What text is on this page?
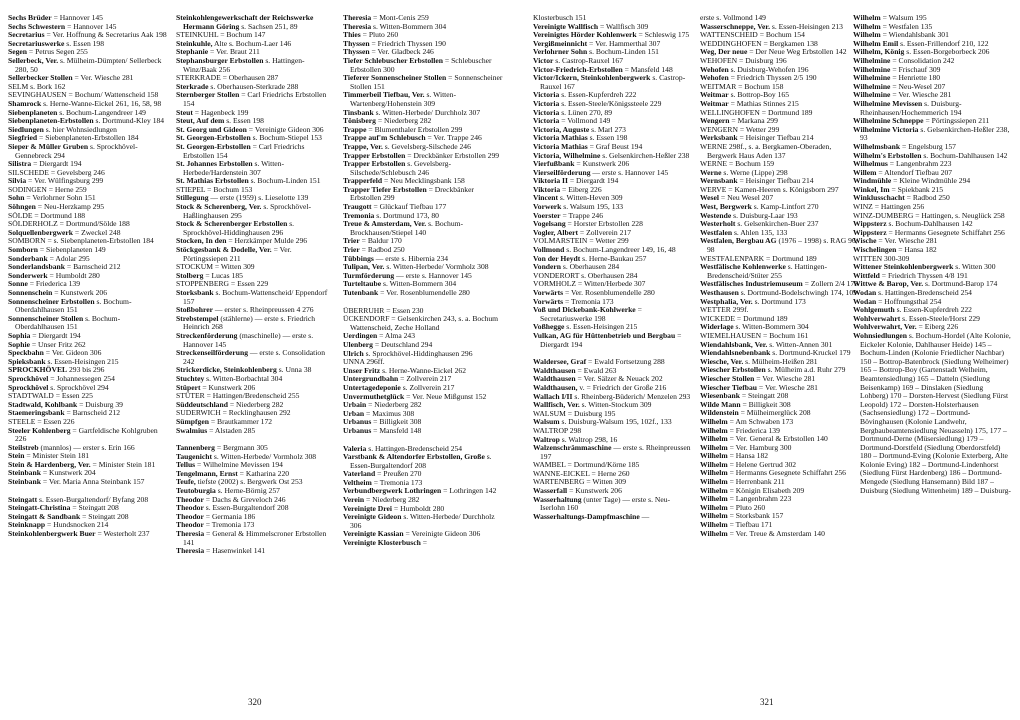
Sechs Brüder = Hannover 145

Sechs Schwestern = Hannover 145

Secretarius = Ver. Hoffnung & Secretarius Aak 198

Secretariuswerke s. Essen 198

Segen = Petrus Segen 255

Sellerbeck, Ver. s. Mülheim-Dümpten/ Sellerbeck 280, 50

Sellerbecker Stollen = Ver. Wiesche 281

SELM s. Bork 162

SEVINGHAUSEN = Bochum/ Wattenscheid 158

Shamrock s. Herne-Wanne-Eickel 261, 16, 58, 98

Siebenplaneten s. Bochum-Langendreer 149

Siebenplaneten-Erbstollen s. Dortmund-Kley 184

Siedlungen s. hier Wohnsiedlungen

Siegfried = Siebenplaneten-Erbstollen 184

Sieper & Müller Gruben s. Sprockhövel-Gennebreck 294

Silistra = Diergardt 194

SILSCHEDE = Gevelsberg 246

Silvia = Ver. Wülfingsburg 299

SODINGEN = Herne 259

Sohn = Verlohrner Sohn 151

Söhngen = Neu-Herzkamp 295

SÖLDE = Dortmund 188

SÖLDERHOLZ = Dortmund/Sölde 188

Solquellenbergwerk = Zweckel 248

SOMBORN = s. Siebenplaneten-Erbstollen 184

Somborn = Siebenplaneten 149

Sonderbank = Adolar 295

Sonderlandsbank = Barnscheid 212

Sonderwerk = Humboldt 280

Sonne = Friederica 139

Sonnenschein = Kunstwerk 206

Sonnenscheiner Erbstollen s. Bochum-Oberdahlhausen 151

Sonnenscheiner Stollen s. Bochum-Oberdahlhausen 151

Sophia = Diergardt 194

Sophie = Unser Fritz 262

Speckbahn = Ver. Gideon 306

Spieksbank s. Essen-Heisingen 215

SPROCKHÖVEL 293 bis 296

Sprockhövel = Johannessegen 254

Sprockhövel s. Sprockhövel 294

STADTWALD = Essen 225

Stadtwald, Kohlbank = Duisburg 39

Staemeringsbank = Barnscheid 212

STEELE = Essen 226

Steeler Kohlenberg = Gartfeldische Kohlgruben 226

Steilstreb (mannlos) — erster s. Erin 166

Stein = Minister Stein 181

Stein & Hardenberg, Ver. = Minister Stein 181

Steinbank = Kunstwerk 204

Steinbank = Ver. Maria Anna Steinbank 157

Steingatt s. Essen-Burgaltendorf/ Byfang 208

Steingatt-Christina = Steingatt 208

Steingatt & Sandbank = Steingatt 208

Steinknapp = Hundsnocken 214

Steinkohlenbergwerk Buer = Westerholt 237

Steinkohlengewerkschaft der Reichswerke Hermann Göring s. Sachsen 251, 89

STEINKUHL = Bochum 147

Steinkuhle, Alte s. Bochum-Laer 146

Stephanie = Ver. Braut 211

Stephansburger Erbstollen s. Hattingen-Winz/Baak 256

STERKRADE = Oberhausen 287

Sterkrade s. Oberhausen-Sterkrade 288

Sternberger Stollen = Carl Friedrichs Erbstollen 154

Steut = Hagenbeck 199

Steut, Auf dem s. Essen 198

St. Georg und Gideon = Vereinigte Gideon 306

St. Georgen-Erbstollen s. Bochum-Stiepel 153

St. Georgen-Erbstollen = Carl Friedrichs Erbstollen 154

St. Johannes Erbstollen s. Witten-Herbede/Hardenstein 307

St. Mathias Erbstollen s. Bochum-Linden 151

STIEPEL = Bochum 153

Stillegung — erste (1959) s. Lieselotte 139

Stock & Scherenberg, Ver. s. Sprockhövel-Haßlinghausen 295

Stock & Scherenberger Erbstollen s. Sprockhövel-Hiddinghausen 296

Stocken, In den = Herzkämper Mulde 296

Stöckgesbank & Dodelle, Ver. = Ver. Pörtingssiepen 211

STOCKUM = Witten 309

Stolberg = Lucas 185

STOPPENBERG = Essen 229

Storksbank s. Bochum-Wattenscheid/ Eppendorf 157

Stoßbohrer — erster s. Rheinpreussen 4 276

Strebstempel (stählerne) — erste s. Friedrich Heinrich 268

Streckenförderung (maschinelle) — erste s. Hannover 145

Streckenseilförderung — erste s. Consolidation 242

Strickerdicke, Steinkohlenberg s. Unna 38

Stuchtey s. Witten-Borbachtal 304

Stüpert = Kunstwerk 206

STÜTER = Hattingen/Bredenscheid 255

Süddeutschland = Niederberg 282

SUDERWICH = Recklinghausen 292

Sümpfgen = Brautkammer 172

Swalmius = Alstaden 285

Tannenberg = Bergmann 305

Taugenicht s. Witten-Herbede/ Vormholz 308

Tellus = Wilhelmine Mevissen 194

Tengelmann, Ernst = Katharina 220

Teufe, tiefste (2002) s. Bergwerk Ost 253

Teutoburgia s. Herne-Börnig 257

Theodor = Dachs & Greveloch 246

Theodor s. Essen-Burgaltendorf 208

Theodor = Germania 186

Theodor = Tremonia 173

Theresia = General & Himmelscroner Erbstollen 141

Theresia = Hasenwinkel 141

Theresia = Mont-Cenis 259

Theresia s. Witten-Bommern 304

Thies = Pluto 260

Thyssen = Friedrich Thyssen 190

Thyssen = Ver. Gladbeck 246

Tiefer Schlebuscher Erbstollen = Schlebuscher Erbstollen 300

Tieferer Sonnenscheiner Stollen = Sonnenscheiner Stollen 151

Timmerbeil Tiefbau, Ver. s. Witten-Wartenberg/Hohenstein 309

Tinsbank s. Witten-Herbede/ Durchholz 307

Tönisberg = Niederberg 282

Trappe = Blumenthaler Erbstollen 299

Trappe auf'm Schlebusch = Ver. Trappe 246

Trappe, Ver. s. Gevelsberg-Silschede 246

Trapper Erbstollen = Dreckbänker Erbstollen 299

Trapper Erbstollen s. Gevelsberg-Silschede/Schlebusch 246

Trapperfeld = Neu Mecklingsbank 158

Trapper Tiefer Erbstollen = Dreckbänker Erbstollen 299

Traugott = Glückauf Tiefbau 177

Tremonia s. Dortmund 173, 80

Treue & Amsterdam, Ver. s. Bochum-Brockhausen/Stiepel 140

Trier = Baldur 170

Trier = Radbod 250

Tübbings — erste s. Hibernia 234

Tulipan, Ver. s. Witten-Herbede/ Vormholz 308

Turmförderung — erste s. Hannover 145

Turteltaube s. Witten-Bommern 304

Tutenbank = Ver. Rosenblumendelle 280

ÜBERRUHR = Essen 230

ÜCKENDORF = Gelsenkirchen 243, s. a. Bochum Wattenscheid, Zeche Holland

Uerdingen = Alma 243

Ulenberg = Deutschland 294

Ulrich s. Sprockhövel-Hiddinghausen 296

UNNA 296ff.

Unser Fritz s. Herne-Wanne-Eickel 262

Untergrundbahn = Zollverein 217

Untertagedeponie s. Zollverein 217

Unvermuthetglück = Ver. Neue Mißgunst 152

Urbain = Niederberg 282

Urban = Maximus 308

Urbanus = Billigkeit 308

Urbanus = Mansfeld 148

Valeria s. Hattingen-Bredenscheid 254

Varstbank & Altendorfer Erbstollen, Große s. Essen-Burgaltendorf 208

Vaterland = Preußen 270

Veltheim = Tremonia 173

Verbundbergwerk Lothringen = Lothringen 142

Verein = Niederberg 282

Vereinigte Drei = Humboldt 280

Vereinigte Gideon s. Witten-Herbede/ Durchholz 306

Vereinigte Kassian = Vereinigte Gideon 306

Vereinigte Klosterbusch =

320

Klosterbusch 151

Vereinigte Wallfisch = Wallfisch 309

Vereinigtes Hörder Kohlenwerk = Schleswig 175

Vergißmeinnicht = Ver. Hammerthal 307

Verlohrner Sohn s. Bochum-Linden 151

Victor s. Castrop-Rauxel 167

Victor-Friedrich-Erbstollen = Mansfeld 148

Victor/Ickern, Steinkohlenbergwerk s. Castrop-Rauxel 167

Victoria s. Essen-Kupferdreh 222

Victoria s. Essen-Steele/Königssteele 229

Victoria s. Lünen 270, 89

Victoria = Vollmond 149

Victoria, Auguste s. Marl 273

Victoria Mathias s. Essen 198

Victoria Mathias = Graf Beust 194

Victoria, Wilhelmine s. Gelsenkirchen-Heßler 238

Vierfußbank = Kunstwerk 206

Vierseilförderung — erste s. Hannover 145

Viktoria II = Diergardt 194

Viktoria = Eiberg 226

Vincent s. Witten-Heven 309

Vorwerk s. Walsum 195, 133

Voerster = Trappe 246

Vogelsang = Horster Erbstollen 228

Vogler, Albert = Zollverein 217

VOLMARSTEIN = Wetter 299

Vollmond s. Bochum-Langendreer 149, 16, 48

Von der Heydt s. Herne-Baukau 257

Vondern s. Oberhausen 284

VONDERORT s. Oberhausen 284

VORMHOLZ = Witten/Herbede 307

Vorwärts = Ver. Rosenblumendelle 280

Vorwärts = Tremonia 173

Voß und Dickebank-Kohlwerke = Secretariuswerke 198

Voßhegge s. Essen-Heisingen 215

Vulkan, AG für Hüttenbetrieb und Bergbau = Diergardt 194

Waldersee, Graf = Ewald Fortsetzung 288

Waldthausen = Ewald 263

Waldthausen = Ver. Sälzer & Neuack 202

Waldthausen, v. = Friedrich der Große 216

Wallach I/II s. Rheinberg-Büderich/ Menzelen 293

Wallfisch, Ver. s. Witten-Stockum 309

WALSUM = Duisburg 195

Walsum s. Duisburg-Walsum 195, 102f., 133

WALTROP 298

Waltrop s. Waltrop 298, 16

Walzenschrämmaschine — erste s. Rheinpreussen 197

WAMBEL = Dortmund/Körne 185

WANNE-EICKEL = Herne 260

WARTENBERG = Witten 309

Wasserfall = Kunstwerk 206

Wasserhaltung (unter Tage) — erste s. Neu-Iserlohn 160

Wasserhaltungs-Dampfmaschine —

erste s. Vollmond 149

Wasserschneppe, Ver. s. Essen-Heisingen 213

WATTENSCHEID = Bochum 154

WEDDINGHOFEN = Bergkamen 138

Weg, Der neue = Der Neue Weg Erbstollen 142

WEHOFEN = Duisburg 196

Wehofen s. Duisburg-Wehofen 196

Wehofen = Friedrich Thyssen 2/5 190

WEITMAR = Bochum 158

Weitmar s. Bottrop-Boy 165

Weitmar = Mathias Stinnes 215

WELLINGHOFEN = Dortmund 189

Wengern = Markana 299

WENGERN = Wetter 299

Werksbank = Heisinger Tiefbau 214

WERNE 298f., s. a. Bergkamen-Oberaden, Bergwerk Haus Aden 137

WERNE = Bochum 159

Werne s. Werne (Lippe) 298

Wernsbank = Heisinger Tiefbau 214

WERVE = Kamen-Heeren s. Königsborn 297

Wesel = Neu Wesel 207

West, Bergwerk s. Kamp-Lintfort 270

Westende s. Duisburg-Laar 193

Westerholt s. Gelsenkirchen-Buer 237

Westfalen s. Ahlen 135, 133

Westfalen, Bergbau AG (1976 – 1998) s. RAG 96, 98

WESTFALENPARK = Dortmund 189

Westfälische Kohlenwerke s. Hattingen-Bredenscheid/Stüter 255

Westfälisches Industriemuseum = Zollern 2/4 175

Westhausen s. Dortmund-Bodelschwingh 174, 109

Westphalia, Ver. s. Dortmund 173

WETTER 299f.

WICKEDE = Dortmund 189

Widerlage s. Witten-Bommern 304

WIEMELHAUSEN = Bochum 161

Wiendahlsbank, Ver. s. Witten-Annen 301

Wiendahlsnebenbank s. Dortmund-Kruckel 179

Wiesche, Ver. s. Mülheim-Heißen 281

Wiescher Erbstollen s. Mülheim a.d. Ruhr 279

Wiescher Stollen = Ver. Wiesche 281

Wiescher Tiefbau = Ver. Wiesche 281

Wiesenbank = Steingatt 208

Wilde Mann = Billigkeit 308

Wildenstein = Mülheimerglück 208

Wilhelm = Am Schwaben 173

Wilhelm = Friederica 139

Wilhelm = Ver. General & Erbstollen 140

Wilhelm = Ver. Hamburg 300

Wilhelm = Hansa 182

Wilhelm = Helene Gertrud 302

Wilhelm = Hermanns Gesegnete Schiffahrt 256

Wilhelm = Herrenbank 211

Wilhelm = Königin Elisabeth 209

Wilhelm = Langenbrahm 223

Wilhelm = Pluto 260

Wilhelm = Storksbank 157

Wilhelm = Tiefbau 171

Wilhelm = Ver. Treue & Amsterdam 140

Wilhelm = Walsum 195

Wilhelm = Westfalen 135

Wilhelm = Wiendahlsbank 301

Wilhelm Emil s. Essen-Frillendorf 210, 122

Wilhelm, König s. Essen-Borgeborbeck 206

Wilhelmine = Consolidation 242

Wilhelmine = Frischauf 309

Wilhelmine = Henriette 180

Wilhelmine = Neu-Wesel 207

Wilhelmine = Ver. Wiesche 281

Wilhelmine Mevissen s. Duisburg-Rheinhausen/Hochemmerich 194

Wilhelmine Schneppe = Pörtingssiepen 211

Wilhelmine Victoria s. Gelsenkirchen-Heßler 238, 93

Wilhelmsbank = Engelsburg 157

Wilhelm's Erbstollen s. Bochum-Dahlhausen 142

Wilhelmus = Langenbrahm 223

Willem = Altendorf Tiefbau 207

Windmühle = Kleine Windmühle 294

Winkel, Im = Spiekbank 215

Winklusschacht = Radbod 250

WINZ = Hattingen 256

WINZ-DUMBERG = Hattingen, s. Neuglück 258

Wippsterz s. Bochum-Dahlhausen 142

Wippsterz = Hermanns Gesegnete Schiffahrt 256

Wische = Ver. Wiesche 281

Wischelingen = Hansa 182

WITTEN 300-309

Wittener Steinkohlenbergwerk s. Witten 300

Wittfeld = Friedrich Thyssen 4/8 191

Wittwe & Barop, Ver. s. Dortmund-Barop 174

Wodan s. Hattingen-Bredenscheid 254

Wodan = Hoffnungsthal 254

Wohlgemuth s. Essen-Kupferdreh 222

Wohlverwahrt s. Essen-Steele/Horst 229

Wohlverwahrt, Ver. = Eiberg 226

Wohnsiedlungen s. Bochum-Hordel (Alte Kolonie, Eickeler Kolonie, Dahlhauser Heide) 145 – Bochum-Linden (Kolonie Friedlicher Nachbar) 150 – Bottrop-Batenbrock (Siedlung Welheimer) 165 – Bottrop-Boy (Gartenstadt Welheim, Beamtensiedlung) 165 – Datteln (Siedlung Beisenkamp) 169 – Dinslaken (Siedlung Lohberg) 170 – Dorsten-Hervest (Siedlung Fürst Leopold) 172 – Dorsten-Holsterhausen (Sachsensiedlung) 172 – Dortmund-Bövinghausen (Kolonie Landwehr, Bergbaubeamtensiedlung Neuasseln) 175, 177 – Dortmund-Derne (Müsersiedlung) 179 – Dortmund-Dorstfeld (Siedlung Oberdorstfeld) 180 – Dortmund-Eving (Kolonie Exterberg, Alte Kolonie Eving) 182 – Dortmund-Lindenhorst (Siedlung Fürst Hardenberg) 186 – Dortmund-Mengede (Siedlung Hansemann) Bild 187 – Duisburg (Siedlung Wittenheim) 189 – Duisburg-

321
